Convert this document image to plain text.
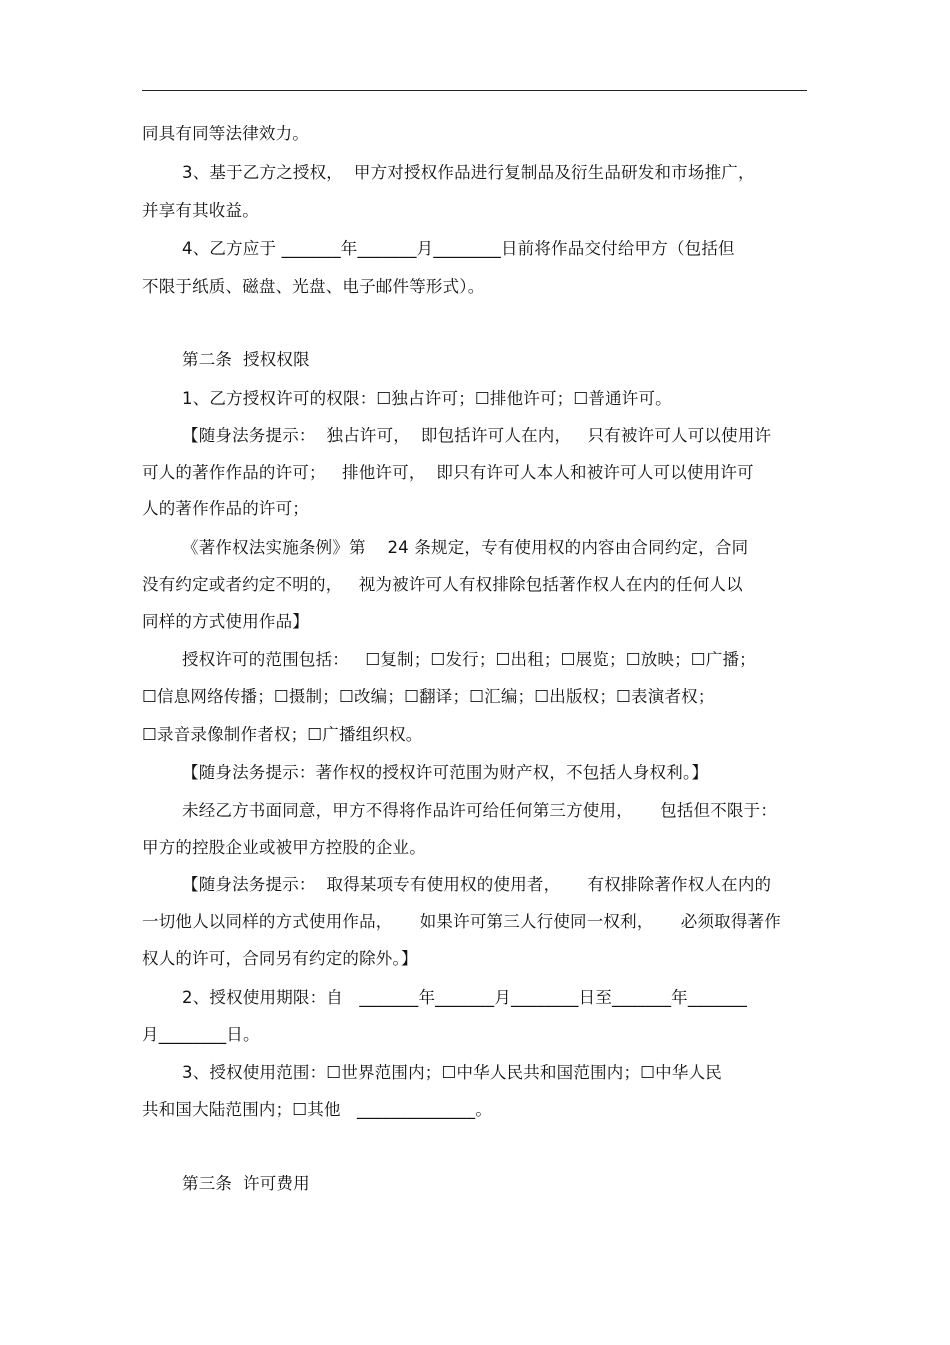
同具有同等法律效力。
3、基于乙方之授权，  甲方对授权作品进行复制品及衍生品研发和市场推广，
并享有其收益。
4、乙方应于 _______年_______月________日前将作品交付给甲方（包括但
不限于纸质、磁盘、光盘、电子邮件等形式）。
第二条  授权权限
1、乙方授权许可的权限：☐独占许可；☐排他许可；☐普通许可。
【随身法务提示：  独占许可，  即包括许可人在内，   只有被许可人可以使用许
可人的著作作品的许可；   排他许可，  即只有许可人本人和被许可人可以使用许可
人的著作作品的许可；
《著作权法实施条例》第    24 条规定，专有使用权的内容由合同约定，合同
没有约定或者约定不明的，   视为被许可人有权排除包括著作权人在内的任何人以
同样的方式使用作品】
授权许可的范围包括：   ☐复制；☐发行；☐出租；☐展览；☐放映；☐广播；
☐信息网络传播；☐摄制；☐改编；☐翻译；☐汇编；☐出版权；☐表演者权；
☐录音录像制作者权；☐广播组织权。
【随身法务提示：著作权的授权许可范围为财产权，不包括人身权利。】
未经乙方书面同意，甲方不得将作品许可给任何第三方使用，     包括但不限于：
甲方的控股企业或被甲方控股的企业。
【随身法务提示：  取得某项专有使用权的使用者，     有权排除著作权人在内的
一切他人以同样的方式使用作品，     如果许可第三人行使同一权利，     必须取得著作
权人的许可，合同另有约定的除外。】
2、授权使用期限：自   _______年_______月________日至_______年_______
月________日。
3、授权使用范围：☐世界范围内；☐中华人民共和国范围内；☐中华人民
共和国大陆范围内；☐其他   ______________。
第三条  许可费用
